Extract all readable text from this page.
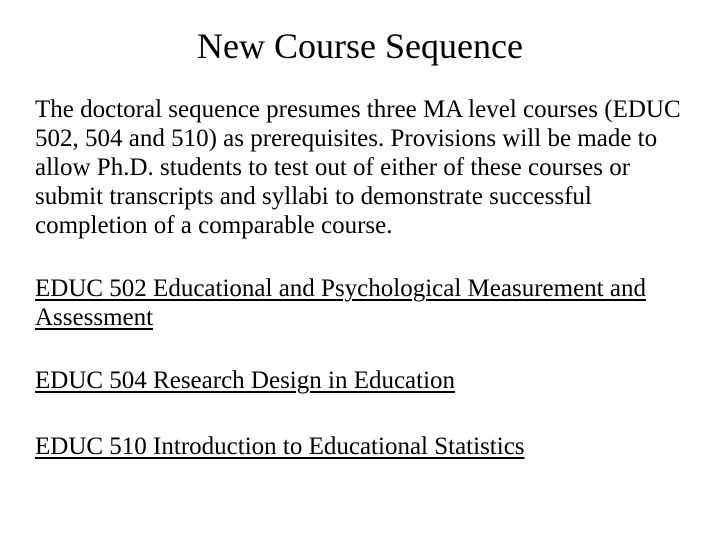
New Course Sequence

The doctoral sequence presumes three MA level courses (EDUC 502, 504 and 510) as prerequisites. Provisions will be made to allow Ph.D. students to test out of either of these courses or submit transcripts and syllabi to demonstrate successful completion of a comparable course.

EDUC 502 Educational and Psychological Measurement and Assessment

EDUC 504 Research Design in Education

EDUC 510 Introduction to Educational Statistics
